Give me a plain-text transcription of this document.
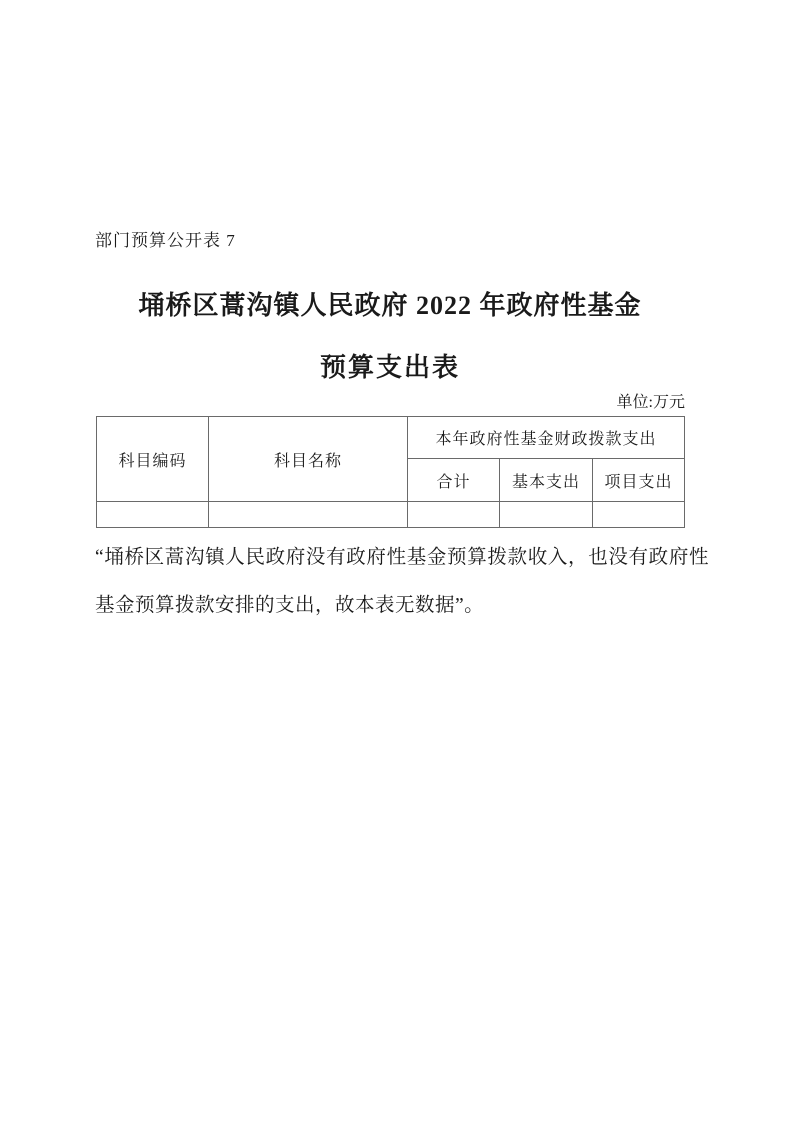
部门预算公开表 7
埇桥区蒿沟镇人民政府 2022 年政府性基金
预算支出表
单位:万元
科目编码	科目名称	本年政府性基金财政拨款支出		
		合计	基本支出	项目支出

“埇桥区蒿沟镇人民政府没有政府性基金预算拨款收入，也没有政府性基金预算拨款安排的支出，故本表无数据”。
